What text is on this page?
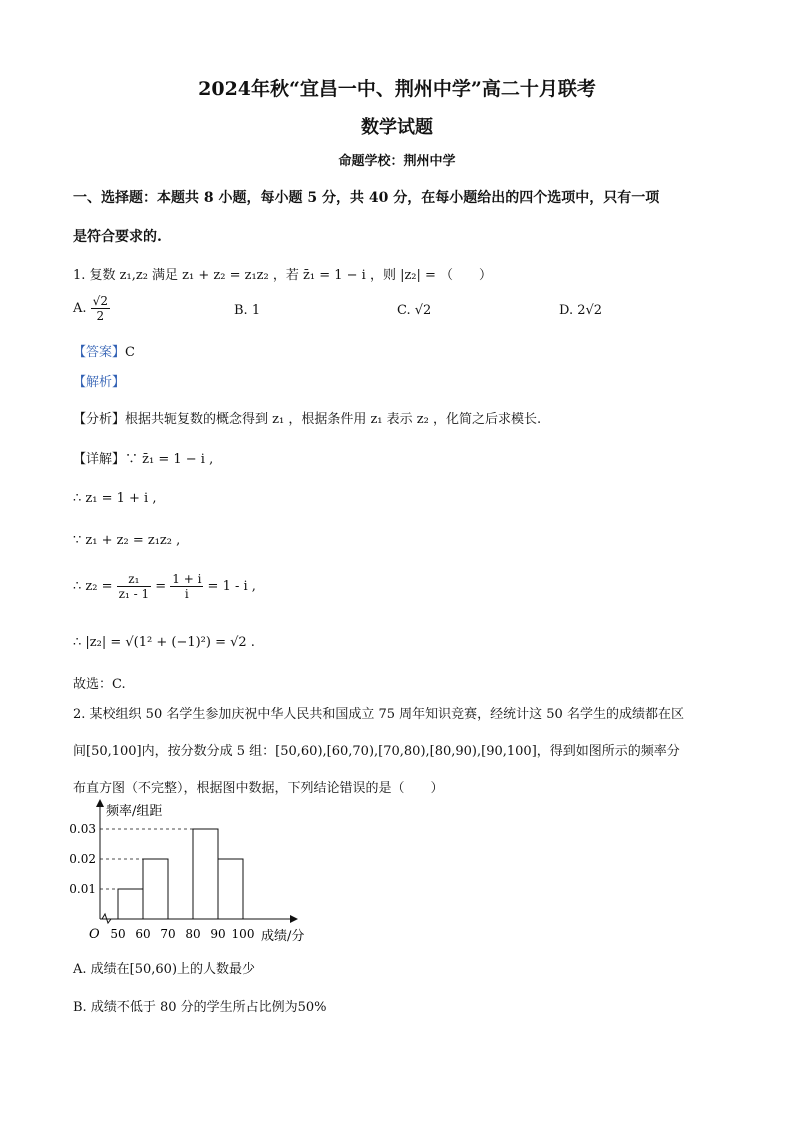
2024年秋“宜昌一中、荆州中学”高二十月联考
数学试题
命题学校：荆州中学
一、选择题：本题共 8 小题，每小题 5 分，共 40 分，在每小题给出的四个选项中，只有一项
是符合要求的.
1. 复数 z₁,z₂ 满足 z₁ + z₂ = z₁z₂ ，若 z̄₁ = 1 − i ，则 |z₂| = （　　）
A. $\frac{√2}{2}$	B. 1	C. √2	D. 2√2
【答案】C
【解析】
【分析】根据共轭复数的概念得到 z₁ ，根据条件用 z₁ 表示 z₂ ，化简之后求模长.
【详解】∵ z̄₁ = 1 − i ,
∴ z₁ = 1 + i ,
∵ z₁ + z₂ = z₁z₂ ,
∴ $z_2 = \frac{\text{z₁}}{\text{z₁ - 1}} = \frac{1 + i}{i} = 1 - i$ ,
∴ |z₂| = √(1² + (−1)²) = √2 .
故选：C.
2. 某校组织 50 名学生参加庆祝中华人民共和国成立 75 周年知识竞赛，经统计这 50 名学生的成绩都在区
间[50,100]内，按分数分成 5 组：[50,60),[60,70),[70,80),[80,90),[90,100]，得到如图所示的频率分
布直方图（不完整），根据图中数据，下列结论错误的是（　　）
频率/组距
成绩/分
O 50 60 70 80 90 100
0.01
0.02
0.03
A. 成绩在[50,60)上的人数最少
B. 成绩不低于 80 分的学生所占比例为50%
